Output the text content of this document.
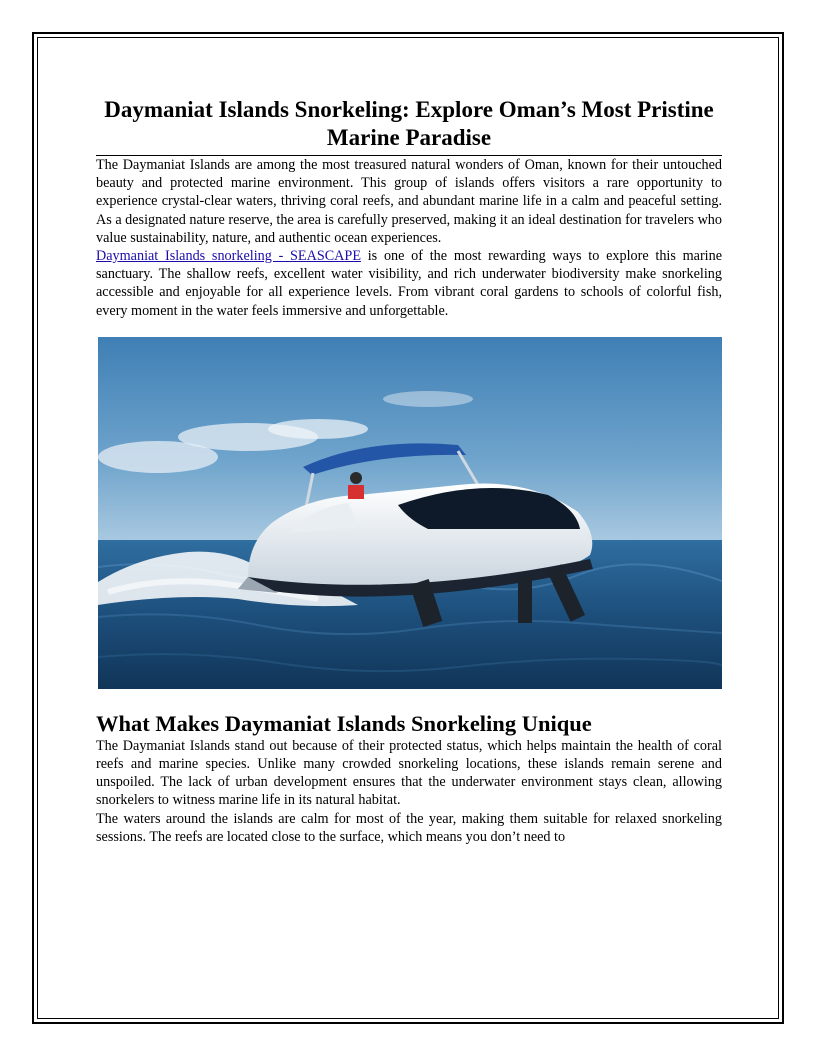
Daymaniat Islands Snorkeling: Explore Oman’s Most Pristine Marine Paradise

The Daymaniat Islands are among the most treasured natural wonders of Oman, known for their untouched beauty and protected marine environment. This group of islands offers visitors a rare opportunity to experience crystal-clear waters, thriving coral reefs, and abundant marine life in a calm and peaceful setting. As a designated nature reserve, the area is carefully preserved, making it an ideal destination for travelers who value sustainability, nature, and authentic ocean experiences.

Daymaniat Islands snorkeling - SEASCAPE is one of the most rewarding ways to explore this marine sanctuary. The shallow reefs, excellent water visibility, and rich underwater biodiversity make snorkeling accessible and enjoyable for all experience levels. From vibrant coral gardens to schools of colorful fish, every moment in the water feels immersive and unforgettable.

What Makes Daymaniat Islands Snorkeling Unique

The Daymaniat Islands stand out because of their protected status, which helps maintain the health of coral reefs and marine species. Unlike many crowded snorkeling locations, these islands remain serene and unspoiled. The lack of urban development ensures that the underwater environment stays clean, allowing snorkelers to witness marine life in its natural habitat.

The waters around the islands are calm for most of the year, making them suitable for relaxed snorkeling sessions. The reefs are located close to the surface, which means you don’t need to
